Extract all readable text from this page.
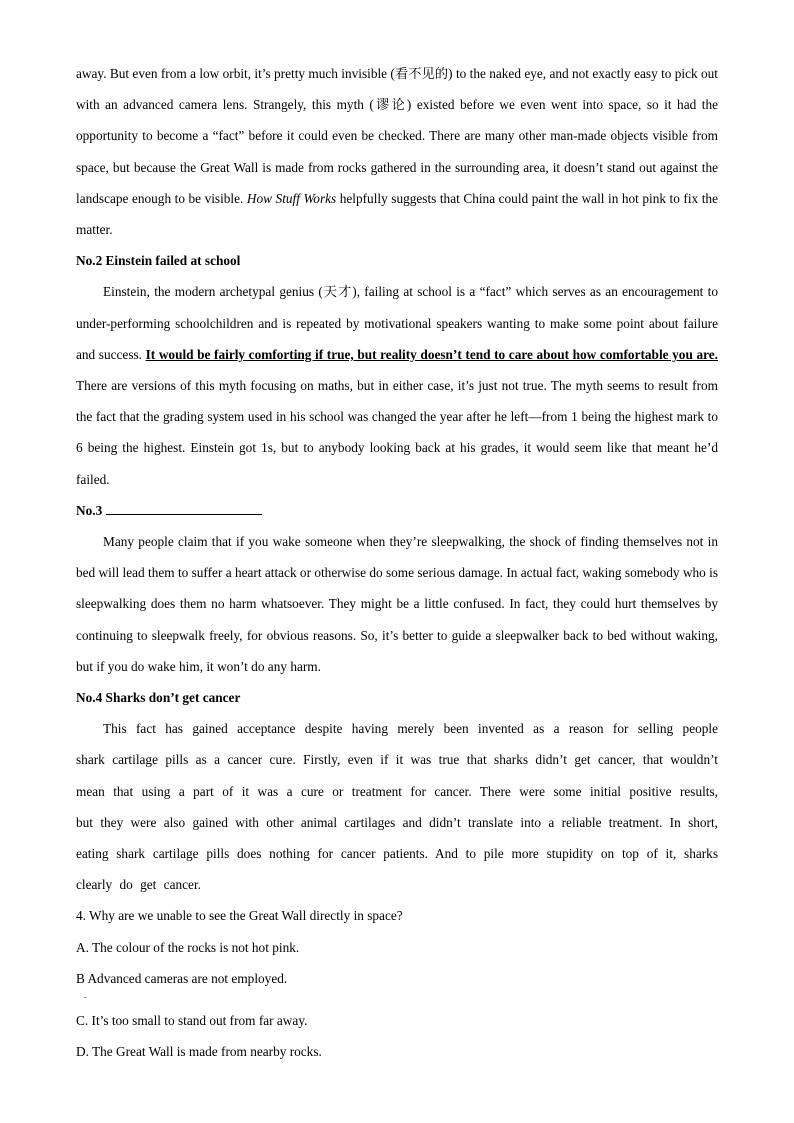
away. But even from a low orbit, it’s pretty much invisible (看不见的) to the naked eye, and not exactly easy to pick out with an advanced camera lens. Strangely, this myth (谬论) existed before we even went into space, so it had the opportunity to become a “fact” before it could even be checked. There are many other man-made objects visible from space, but because the Great Wall is made from rocks gathered in the surrounding area, it doesn’t stand out against the landscape enough to be visible. How Stuff Works helpfully suggests that China could paint the wall in hot pink to fix the matter.

No.2 Einstein failed at school

Einstein, the modern archetypal genius (天才), failing at school is a “fact” which serves as an encouragement to under-performing schoolchildren and is repeated by motivational speakers wanting to make some point about failure and success. It would be fairly comforting if true, but reality doesn’t tend to care about how comfortable you are. There are versions of this myth focusing on maths, but in either case, it’s just not true. The myth seems to result from the fact that the grading system used in his school was changed the year after he left—from 1 being the highest mark to 6 being the highest. Einstein got 1s, but to anybody looking back at his grades, it would seem like that meant he’d failed.

No.3

Many people claim that if you wake someone when they’re sleepwalking, the shock of finding themselves not in bed will lead them to suffer a heart attack or otherwise do some serious damage. In actual fact, waking somebody who is sleepwalking does them no harm whatsoever. They might be a little confused. In fact, they could hurt themselves by continuing to sleepwalk freely, for obvious reasons. So, it’s better to guide a sleepwalker back to bed without waking, but if you do wake him, it won’t do any harm.

No.4 Sharks don’t get cancer

This fact has gained acceptance despite having merely been invented as a reason for selling people shark cartilage pills as a cancer cure. Firstly, even if it was true that sharks didn’t get cancer, that wouldn’t mean that using a part of it was a cure or treatment for cancer. There were some initial positive results, but they were also gained with other animal cartilages and didn’t translate into a reliable treatment. In short, eating shark cartilage pills does nothing for cancer patients. And to pile more stupidity on top of it, sharks clearly do get cancer.

4. Why are we unable to see the Great Wall directly in space?

A. The colour of the rocks is not hot pink.

B Advanced cameras are not employed.

.

C. It’s too small to stand out from far away.

D. The Great Wall is made from nearby rocks.
